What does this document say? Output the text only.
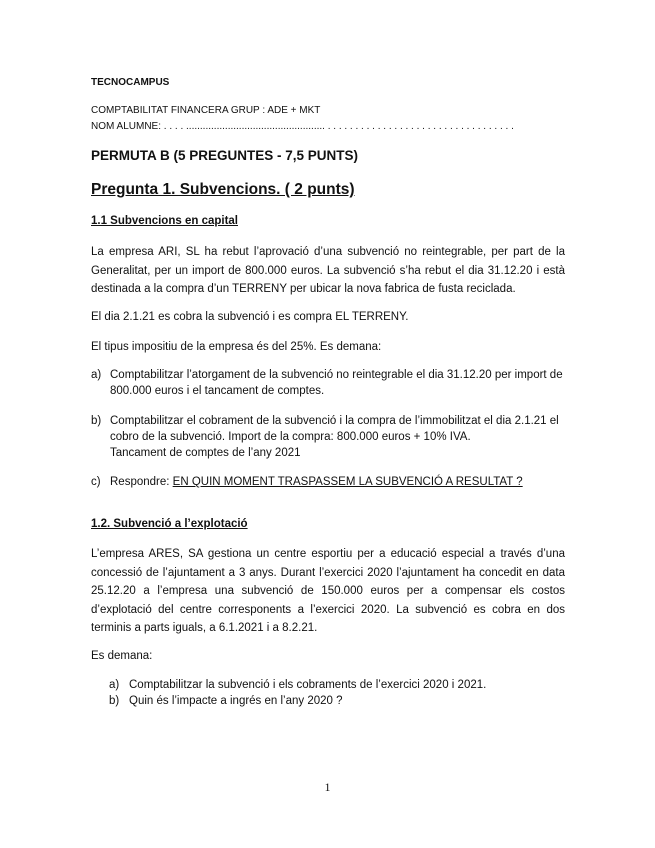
TECNOCAMPUS
COMPTABILITAT FINANCERA GRUP : ADE + MKT
NOM ALUMNE: . . . . .................................................. . . . . . . . . . . . . . . . . . . . . . . . . . . . . . . . . . .
PERMUTA B (5 PREGUNTES - 7,5 PUNTS)
Pregunta 1. Subvencions. ( 2 punts)
1.1 Subvencions en capital

La empresa ARI, SL ha rebut l’aprovació d’una subvenció no reintegrable, per part de la Generalitat, per un import de 800.000 euros. La subvenció s’ha rebut el dia 31.12.20 i està destinada a la compra d’un TERRENY per ubicar la nova fabrica de fusta reciclada.

El dia 2.1.21 es cobra la subvenció i es compra EL TERRENY.

El tipus impositiu de la empresa és del 25%. Es demana:

a) Comptabilitzar l’atorgament de la subvenció no reintegrable el dia 31.12.20 per import de 800.000 euros i el tancament de comptes.
b) Comptabilitzar el cobrament de la subvenció i la compra de l’immobilitzat el dia 2.1.21 el cobro de la subvenció. Import de la compra: 800.000 euros + 10% IVA.
Tancament de comptes de l’any 2021
c) Respondre: EN QUIN MOMENT TRASPASSEM LA SUBVENCIÓ A RESULTAT ?
1.2. Subvenció a l’explotació

L’empresa ARES, SA gestiona un centre esportiu per a educació especial a través d’una concessió de l’ajuntament a 3 anys. Durant l’exercici 2020 l’ajuntament ha concedit en data 25.12.20 a l’empresa una subvenció de 150.000 euros per a compensar els costos d’explotació del centre corresponents a l’exercici 2020. La subvenció es cobra en dos terminis a parts iguals, a 6.1.2021 i a 8.2.21.

Es demana:

a) Comptabilitzar la subvenció i els cobraments de l’exercici 2020 i 2021.
b) Quin és l’impacte a ingrés en l’any 2020 ?
1
